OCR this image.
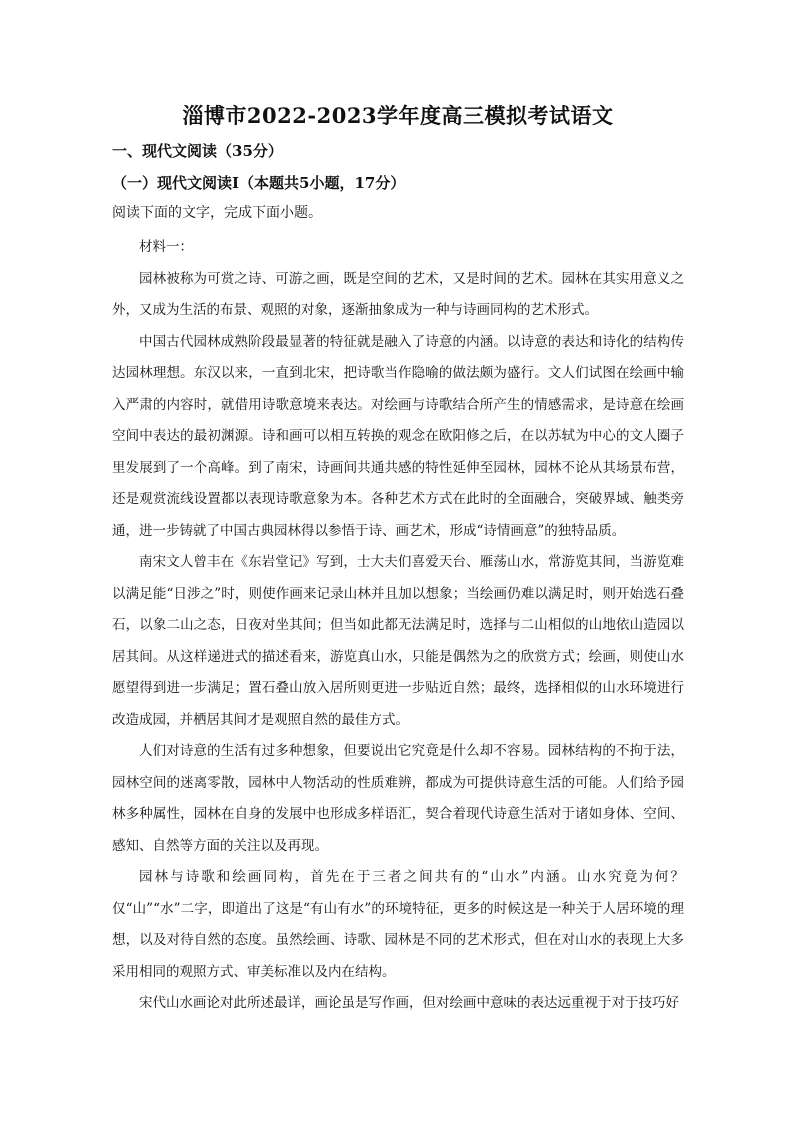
淄博市2022-2023学年度高三模拟考试语文
一、现代文阅读（35分）
（一）现代文阅读Ⅰ（本题共5小题，17分）
阅读下面的文字，完成下面小题。

材料一：

园林被称为可赏之诗、可游之画，既是空间的艺术，又是时间的艺术。园林在其实用意义之外，又成为生活的布景、观照的对象，逐渐抽象成为一种与诗画同构的艺术形式。

中国古代园林成熟阶段最显著的特征就是融入了诗意的内涵。以诗意的表达和诗化的结构传达园林理想。东汉以来，一直到北宋，把诗歌当作隐喻的做法颇为盛行。文人们试图在绘画中输入严肃的内容时，就借用诗歌意境来表达。对绘画与诗歌结合所产生的情感需求，是诗意在绘画空间中表达的最初渊源。诗和画可以相互转换的观念在欧阳修之后，在以苏轼为中心的文人圈子里发展到了一个高峰。到了南宋，诗画间共通共感的特性延伸至园林，园林不论从其场景布营，还是观赏流线设置都以表现诗歌意象为本。各种艺术方式在此时的全面融合，突破界域、触类旁通，进一步铸就了中国古典园林得以参悟于诗、画艺术，形成“诗情画意”的独特品质。

南宋文人曾丰在《东岩堂记》写到，士大夫们喜爱天台、雁荡山水，常游览其间，当游览难以满足能“日涉之”时，则使作画来记录山林并且加以想象；当绘画仍难以满足时，则开始选石叠石，以象二山之态，日夜对坐其间；但当如此都无法满足时，选择与二山相似的山地依山造园以居其间。从这样递进式的描述看来，游览真山水，只能是偶然为之的欣赏方式；绘画，则使山水愿望得到进一步满足；置石叠山放入居所则更进一步贴近自然；最终，选择相似的山水环境进行改造成园，并栖居其间才是观照自然的最佳方式。

人们对诗意的生活有过多种想象，但要说出它究竟是什么却不容易。园林结构的不拘于法，园林空间的迷离零散，园林中人物活动的性质难辨，都成为可提供诗意生活的可能。人们给予园林多种属性，园林在自身的发展中也形成多样语汇，契合着现代诗意生活对于诸如身体、空间、感知、自然等方面的关注以及再现。

园林与诗歌和绘画同构，首先在于三者之间共有的“山水”内涵。山水究竟为何？仅“山”“水”二字，即道出了这是“有山有水”的环境特征，更多的时候这是一种关于人居环境的理想，以及对待自然的态度。虽然绘画、诗歌、园林是不同的艺术形式，但在对山水的表现上大多采用相同的观照方式、审美标准以及内在结构。

宋代山水画论对此所述最详，画论虽是写作画，但对绘画中意味的表达远重视于对于技巧好
